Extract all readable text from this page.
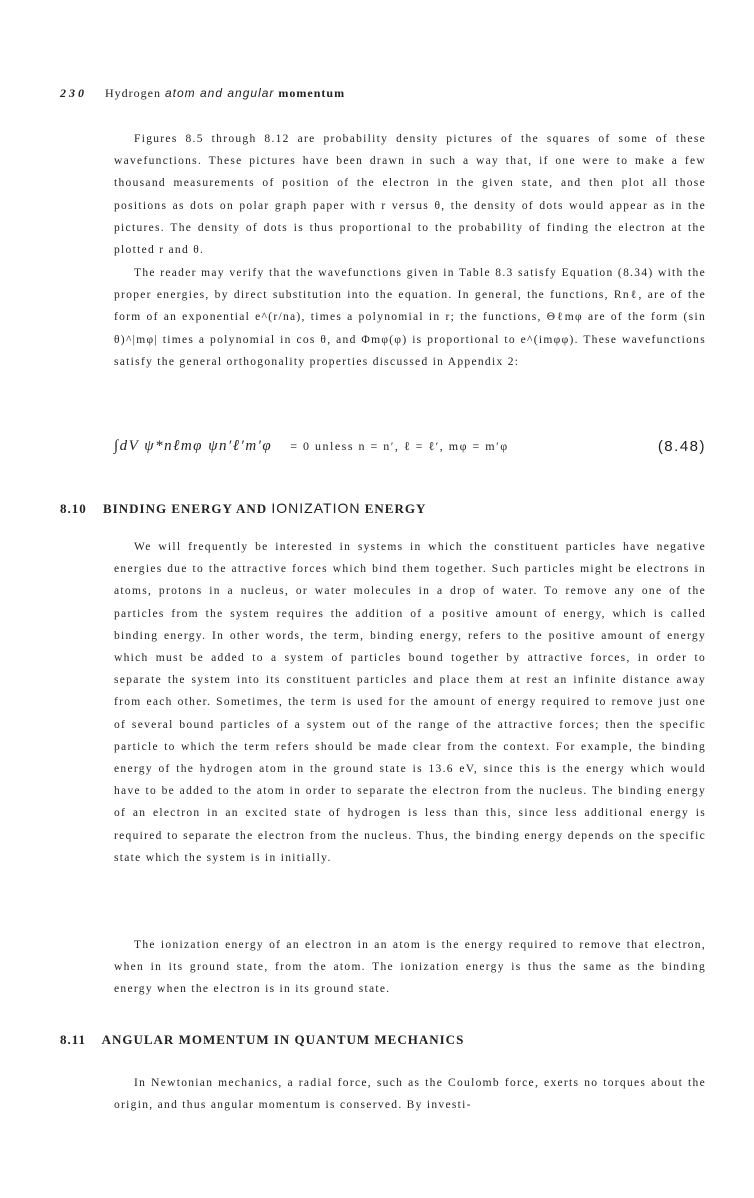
230 Hydrogen atom and angular momentum

Figures 8.5 through 8.12 are probability density pictures of the squares of some of these wavefunctions. These pictures have been drawn in such a way that, if one were to make a few thousand measurements of position of the electron in the given state, and then plot all those positions as dots on polar graph paper with r versus θ, the density of dots would appear as in the pictures. The density of dots is thus proportional to the probability of finding the electron at the plotted r and θ.

The reader may verify that the wavefunctions given in Table 8.3 satisfy Equation (8.34) with the proper energies, by direct substitution into the equation. In general, the functions, Rnℓ, are of the form of an exponential e^(r/na), times a polynomial in r; the functions, Θℓmφ are of the form (sin θ)^|mφ| times a polynomial in cos θ, and Φmφ(φ) is proportional to e^(imφφ). These wavefunctions satisfy the general orthogonality properties discussed in Appendix 2:

∫dV ψ*nℓmφ ψn′ℓ′m′φ = 0 unless n = n′, ℓ = ℓ′, mφ = m′φ	(8.48)
8.10 BINDING ENERGY AND IONIZATION ENERGY

We will frequently be interested in systems in which the constituent particles have negative energies due to the attractive forces which bind them together. Such particles might be electrons in atoms, protons in a nucleus, or water molecules in a drop of water. To remove any one of the particles from the system requires the addition of a positive amount of energy, which is called binding energy. In other words, the term, binding energy, refers to the positive amount of energy which must be added to a system of particles bound together by attractive forces, in order to separate the system into its constituent particles and place them at rest an infinite distance away from each other. Sometimes, the term is used for the amount of energy required to remove just one of several bound particles of a system out of the range of the attractive forces; then the specific particle to which the term refers should be made clear from the context. For example, the binding energy of the hydrogen atom in the ground state is 13.6 eV, since this is the energy which would have to be added to the atom in order to separate the electron from the nucleus. The binding energy of an electron in an excited state of hydrogen is less than this, since less additional energy is required to separate the electron from the nucleus. Thus, the binding energy depends on the specific state which the system is in initially.

The ionization energy of an electron in an atom is the energy required to remove that electron, when in its ground state, from the atom. The ionization energy is thus the same as the binding energy when the electron is in its ground state.

8.11 ANGULAR MOMENTUM IN QUANTUM MECHANICS

In Newtonian mechanics, a radial force, such as the Coulomb force, exerts no torques about the origin, and thus angular momentum is conserved. By investi-
